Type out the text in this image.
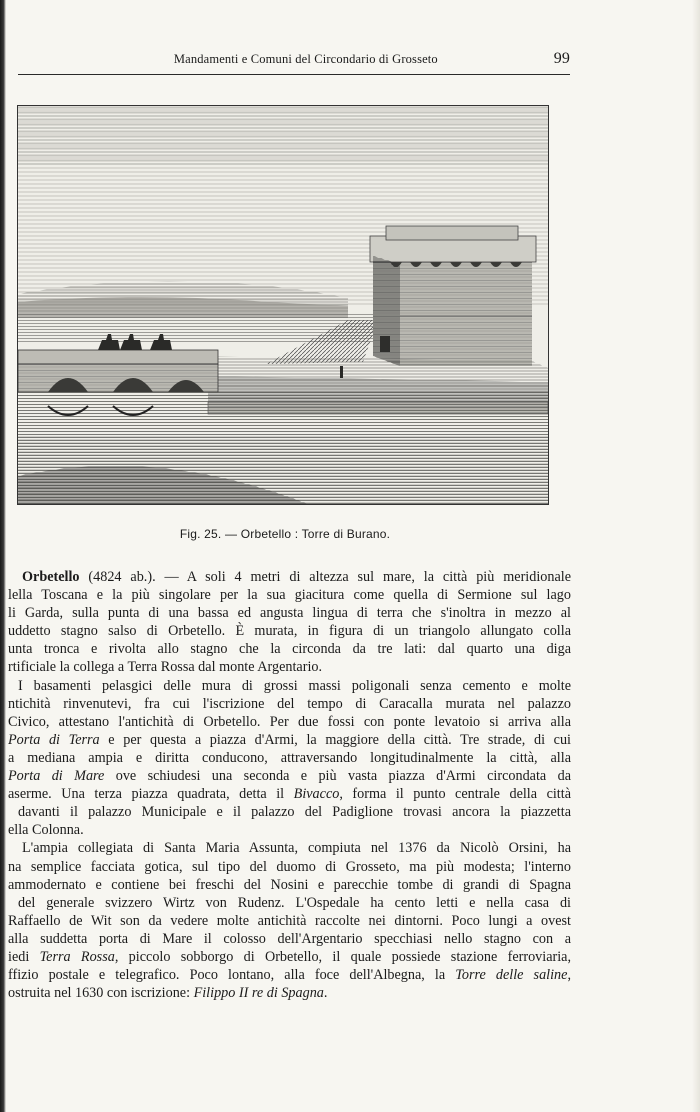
Mandamenti e Comuni del Circondario di Grosseto	99
Fig. 25. — Orbetello : Torre di Burano.
Orbetello (4824 ab.). — A soli 4 metri di altezza sul mare, la città più meridionale
lella Toscana e la più singolare per la sua giacitura come quella di Sermione sul lago
li Garda, sulla punta di una bassa ed angusta lingua di terra che s'inoltra in mezzo al
uddetto stagno salso di Orbetello. È murata, in figura di un triangolo allungato colla
unta tronca e rivolta allo stagno che la circonda da tre lati: dal quarto una diga
rtificiale la collega a Terra Rossa dal monte Argentario.
I basamenti pelasgici delle mura di grossi massi poligonali senza cemento e molte
ntichità rinvenutevi, fra cui l'iscrizione del tempo di Caracalla murata nel palazzo
Civico, attestano l'antichità di Orbetello. Per due fossi con ponte levatoio si arriva alla
Porta di Terra e per questa a piazza d'Armi, la maggiore della città. Tre strade, di cui
a mediana ampia e diritta conducono, attraversando longitudinalmente la città, alla
Porta di Mare ove schiudesi una seconda e più vasta piazza d'Armi circondata da
aserme. Una terza piazza quadrata, detta il Bivacco, forma il punto centrale della città
davanti il palazzo Municipale e il palazzo del Padiglione trovasi ancora la piazzetta
ella Colonna.
L'ampia collegiata di Santa Maria Assunta, compiuta nel 1376 da Nicolò Orsini, ha
na semplice facciata gotica, sul tipo del duomo di Grosseto, ma più modesta; l'interno
ammodernato e contiene bei freschi del Nosini e parecchie tombe di grandi di Spagna
del generale svizzero Wirtz von Rudenz. L'Ospedale ha cento letti e nella casa di
Raffaello de Wit son da vedere molte antichità raccolte nei dintorni. Poco lungi a ovest
alla suddetta porta di Mare il colosso dell'Argentario specchiasi nello stagno con a
iedi Terra Rossa, piccolo sobborgo di Orbetello, il quale possiede stazione ferroviaria,
ffizio postale e telegrafico. Poco lontano, alla foce dell'Albegna, la Torre delle saline,
ostruita nel 1630 con iscrizione: Filippo II re di Spagna.
